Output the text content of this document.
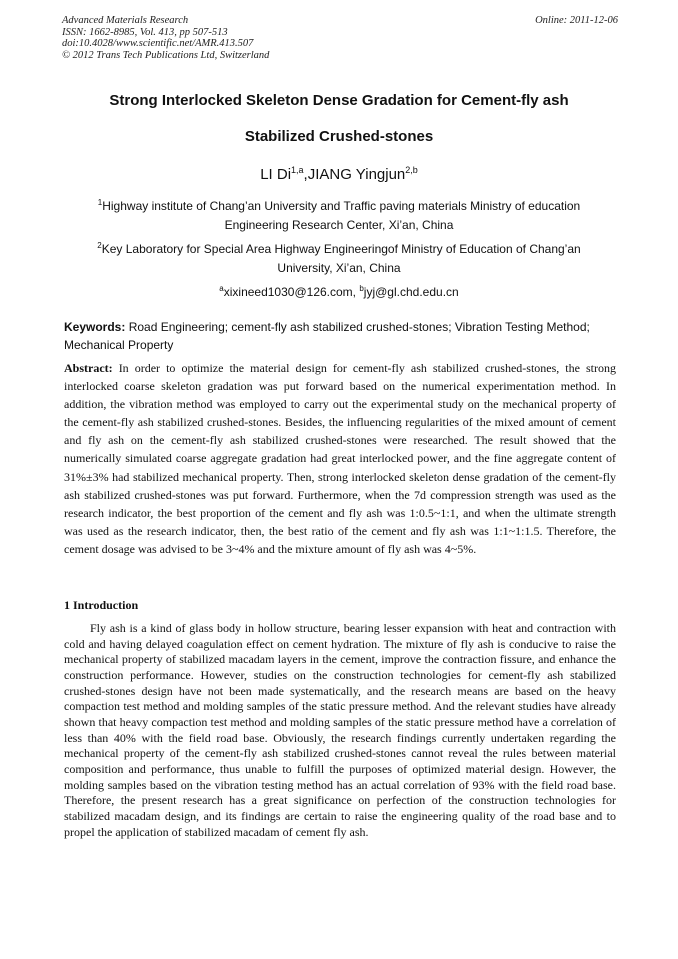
Advanced Materials Research
ISSN: 1662-8985, Vol. 413, pp 507-513
doi:10.4028/www.scientific.net/AMR.413.507
© 2012 Trans Tech Publications Ltd, Switzerland
Online: 2011-12-06
Strong Interlocked Skeleton Dense Gradation for Cement-fly ash
Stabilized Crushed-stones
LI Di$^{1,a}$,JIANG Yingjun$^{2,b}$
$^1$Highway institute of Chang’an University and Traffic paving materials Ministry of education Engineering Research Center, Xi’an, China
$^2$Key Laboratory for Special Area Highway Engineeringof Ministry of Education of Chang’an University, Xi’an, China
$^a$xixineed1030@126.com, $^b$jyj@gl.chd.edu.cn
Keywords: Road Engineering; cement-fly ash stabilized crushed-stones; Vibration Testing Method; Mechanical Property
Abstract: In order to optimize the material design for cement-fly ash stabilized crushed-stones, the strong interlocked coarse skeleton gradation was put forward based on the numerical experimentation method. In addition, the vibration method was employed to carry out the experimental study on the mechanical property of the cement-fly ash stabilized crushed-stones. Besides, the influencing regularities of the mixed amount of cement and fly ash on the cement-fly ash stabilized crushed-stones were researched. The result showed that the numerically simulated coarse aggregate gradation had great interlocked power, and the fine aggregate content of 31%±3% had stabilized mechanical property. Then, strong interlocked skeleton dense gradation of the cement-fly ash stabilized crushed-stones was put forward. Furthermore, when the 7d compression strength was used as the research indicator, the best proportion of the cement and fly ash was 1:0.5~1:1, and when the ultimate strength was used as the research indicator, then, the best ratio of the cement and fly ash was 1:1~1:1.5. Therefore, the cement dosage was advised to be 3~4% and the mixture amount of fly ash was 4~5%.
1 Introduction
Fly ash is a kind of glass body in hollow structure, bearing lesser expansion with heat and contraction with cold and having delayed coagulation effect on cement hydration. The mixture of fly ash is conducive to raise the mechanical property of stabilized macadam layers in the cement, improve the contraction fissure, and enhance the construction performance. However, studies on the construction technologies for cement-fly ash stabilized crushed-stones design have not been made systematically, and the research means are based on the heavy compaction test method and molding samples of the static pressure method. And the relevant studies have already shown that heavy compaction test method and molding samples of the static pressure method have a correlation of less than 40% with the field road base. Obviously, the research findings currently undertaken regarding the mechanical property of the cement-fly ash stabilized crushed-stones cannot reveal the rules between material composition and performance, thus unable to fulfill the purposes of optimized material design. However, the molding samples based on the vibration testing method has an actual correlation of 93% with the field road base. Therefore, the present research has a great significance on perfection of the construction technologies for stabilized macadam design, and its findings are certain to raise the engineering quality of the road base and to propel the application of stabilized macadam of cement fly ash.
